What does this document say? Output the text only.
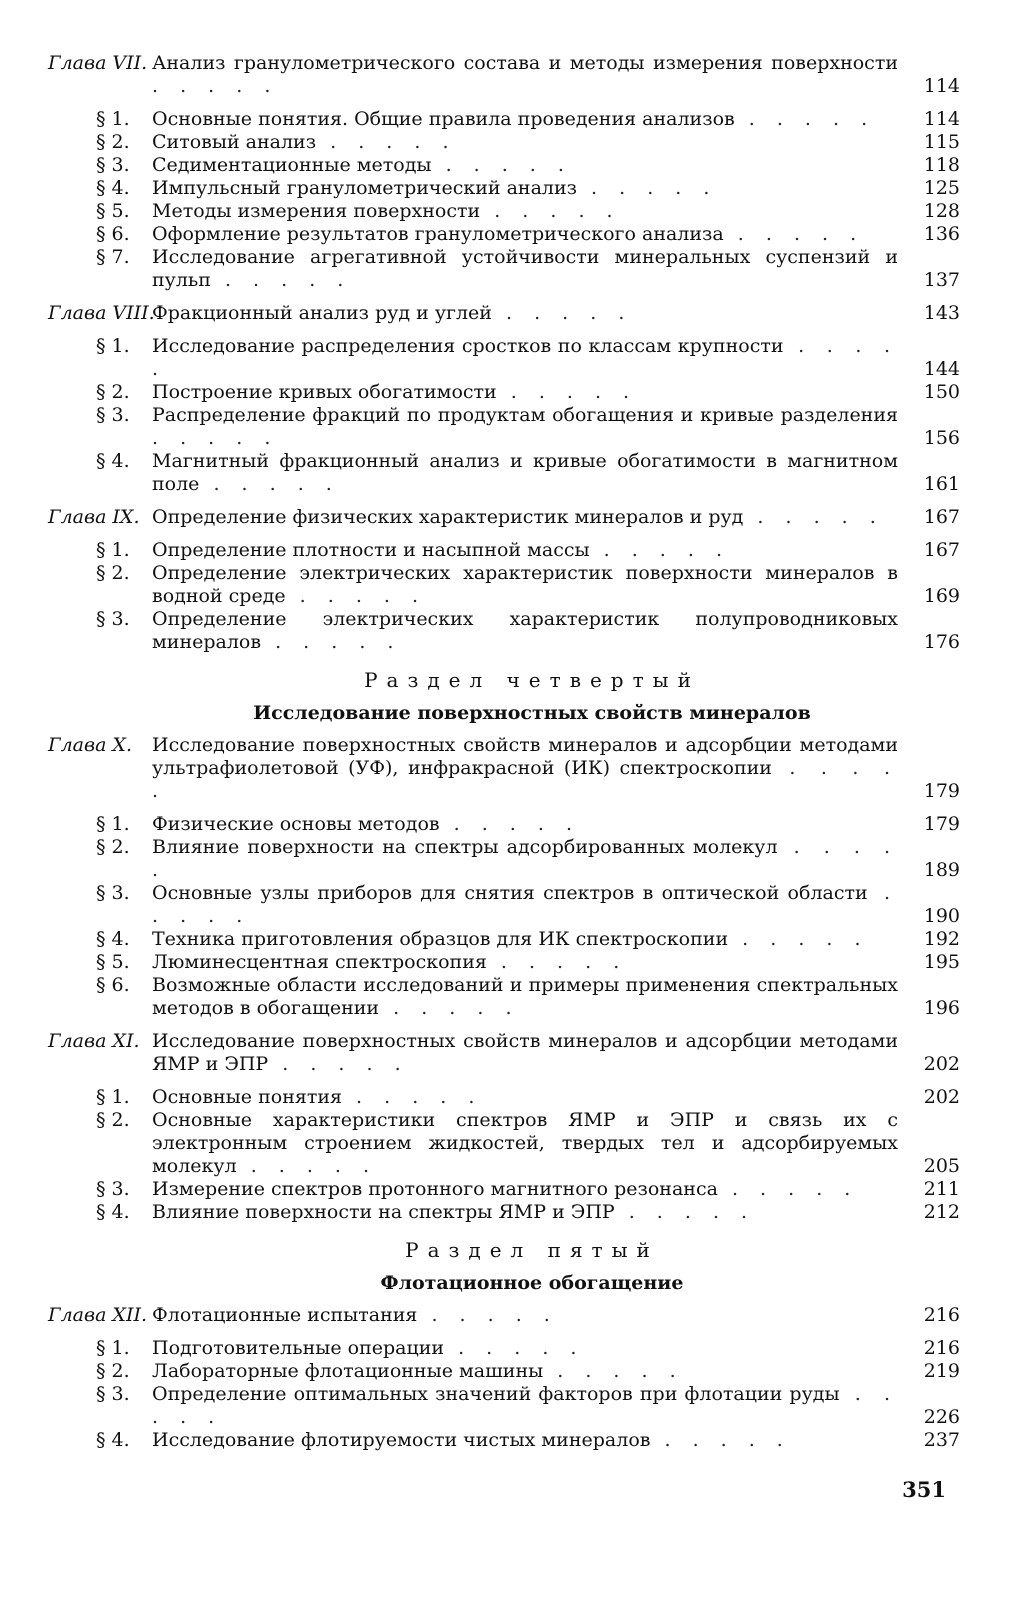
Глава VII. Анализ гранулометрического состава и методы измерения поверхности . . . . .	114
§ 1. Основные понятия. Общие правила проведения анализов . . . . .	114
§ 2. Ситовый анализ . . . . .	115
§ 3. Седиментационные методы . . . . .	118
§ 4. Импульсный гранулометрический анализ . . . . .	125
§ 5. Методы измерения поверхности . . . . .	128
§ 6. Оформление результатов гранулометрического анализа . . . . .	136
§ 7. Исследование агрегативной устойчивости минеральных суспензий и пульп . . . . .	137
Глава VIII.
Фракционный анализ руд и углей . . . . .	143
§ 1. Исследование распределения сростков по классам крупности . . . . .	144
§ 2. Построение кривых обогатимости . . . . .	150
§ 3. Распределение фракций по продуктам обогащения и кривые разделения . . . . .	156
§ 4. Магнитный фракционный анализ и кривые обогатимости в магнитном поле . . . . .	161
Глава IX. Определение физических характеристик минералов и руд . . . . .	167
§ 1. Определение плотности и насыпной массы . . . . .	167
§ 2. Определение электрических характеристик поверхности минералов в водной среде . . . . .	169
§ 3. Определение электрических характеристик полупроводниковых минералов . . . . .	176
Раздел четвертый
Исследование поверхностных свойств минералов
Глава X. Исследование поверхностных свойств минералов и адсорбции методами ультрафиолетовой (УФ), инфракрасной (ИК) спектроскопии . . . . .	179
§ 1. Физические основы методов . . . . .	179
§ 2. Влияние поверхности на спектры адсорбированных молекул . . . . .	189
§ 3. Основные узлы приборов для снятия спектров в оптической области . . . . .	190
§ 4. Техника приготовления образцов для ИК спектроскопии . . . . .	192
§ 5. Люминесцентная спектроскопия . . . . .	195
§ 6. Возможные области исследований и примеры применения спектральных методов в обогащении . . . . .	196
Глава XI. Исследование поверхностных свойств минералов и адсорбции методами ЯМР и ЭПР . . . . .	202
§ 1. Основные понятия . . . . .	202
§ 2. Основные характеристики спектров ЯМР и ЭПР и связь их с электронным строением жидкостей, твердых тел и адсорбируемых молекул . . . . .	205
§ 3. Измерение спектров протонного магнитного резонанса . . . . .	211
§ 4. Влияние поверхности на спектры ЯМР и ЭПР . . . . .	212
Раздел пятый
Флотационное обогащение
Глава XII. Флотационные испытания . . . . .	216
§ 1. Подготовительные операции . . . . .	216
§ 2. Лабораторные флотационные машины . . . . .	219
§ 3. Определение оптимальных значений факторов при флотации руды . . . . .	226
§ 4. Исследование флотируемости чистых минералов . . . . .	237
351
